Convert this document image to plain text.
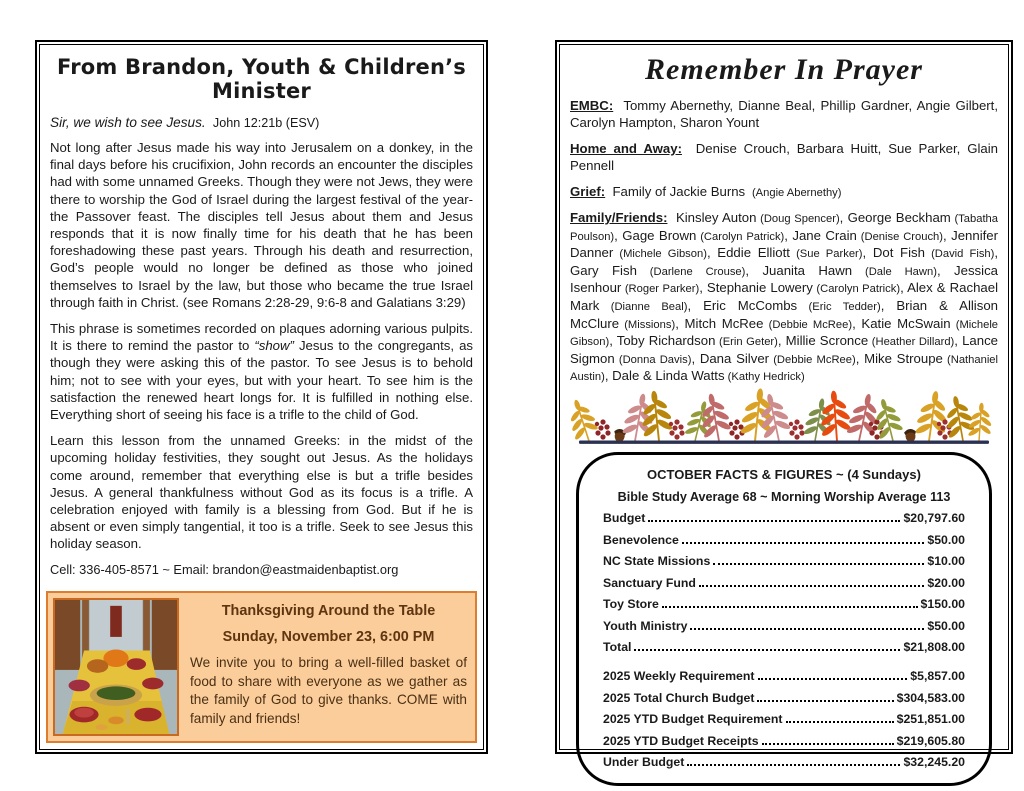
From Brandon, Youth & Children’s Minister
Sir, we wish to see Jesus. John 12:21b (ESV)

Not long after Jesus made his way into Jerusalem on a donkey, in the final days before his crucifixion, John records an encounter the disciples had with some unnamed Greeks. Though they were not Jews, they were there to worship the God of Israel during the largest festival of the year-the Passover feast. The disciples tell Jesus about them and Jesus responds that it is now finally time for his death that he has been foreshadowing these past years. Through his death and resurrection, God’s people would no longer be defined as those who joined themselves to Israel by the law, but those who became the true Israel through faith in Christ. (see Romans 2:28-29, 9:6-8 and Galatians 3:29)

This phrase is sometimes recorded on plaques adorning various pulpits. It is there to remind the pastor to “show” Jesus to the congregants, as though they were asking this of the pastor. To see Jesus is to behold him; not to see with your eyes, but with your heart. To see him is the satisfaction the renewed heart longs for. It is fulfilled in nothing else. Everything short of seeing his face is a trifle to the child of God.

Learn this lesson from the unnamed Greeks: in the midst of the upcoming holiday festivities, they sought out Jesus. As the holidays come around, remember that everything else is but a trifle besides Jesus. A general thankfulness without God as its focus is a trifle. A celebration enjoyed with family is a blessing from God. But if he is absent or even simply tangential, it too is a trifle. Seek to see Jesus this holiday season.

Cell: 336-405-8571 ~ Email: brandon@eastmaidenbaptist.org
Thanksgiving Around the Table
Sunday, November 23, 6:00 PM
We invite you to bring a well-filled basket of food to share with everyone as we gather as the family of God to give thanks. COME with family and friends!
Remember In Prayer

EMBC: Tommy Abernethy, Dianne Beal, Phillip Gardner, Angie Gilbert, Carolyn Hampton, Sharon Yount

Home and Away: Denise Crouch, Barbara Huitt, Sue Parker, Glain Pennell

Grief: Family of Jackie Burns (Angie Abernethy)

Family/Friends: Kinsley Auton (Doug Spencer), George Beckham (Tabatha Poulson), Gage Brown (Carolyn Patrick), Jane Crain (Denise Crouch), Jennifer Danner (Michele Gibson), Eddie Elliott (Sue Parker), Dot Fish (David Fish), Gary Fish (Darlene Crouse), Juanita Hawn (Dale Hawn), Jessica Isenhour (Roger Parker), Stephanie Lowery (Carolyn Patrick), Alex & Rachael Mark (Dianne Beal), Eric McCombs (Eric Tedder), Brian & Allison McClure (Missions), Mitch McRee (Debbie McRee), Katie McSwain (Michele Gibson), Toby Richardson (Erin Geter), Millie Scronce (Heather Dillard), Lance Sigmon (Donna Davis), Dana Silver (Debbie McRee), Mike Stroupe (Nathaniel Austin), Dale & Linda Watts (Kathy Hedrick)

OCTOBER FACTS & FIGURES ~ (4 Sundays)
Bible Study Average 68 ~ Morning Worship Average 113
Budget	$20,797.60
Benevolence	$50.00
NC State Missions	$10.00
Sanctuary Fund	$20.00
Toy Store	$150.00
Youth Ministry	$50.00
Total	$21,808.00
2025 Weekly Requirement	$5,857.00
2025 Total Church Budget	$304,583.00
2025 YTD Budget Requirement	$251,851.00
2025 YTD Budget Receipts	$219,605.80
Under Budget	$32,245.20
